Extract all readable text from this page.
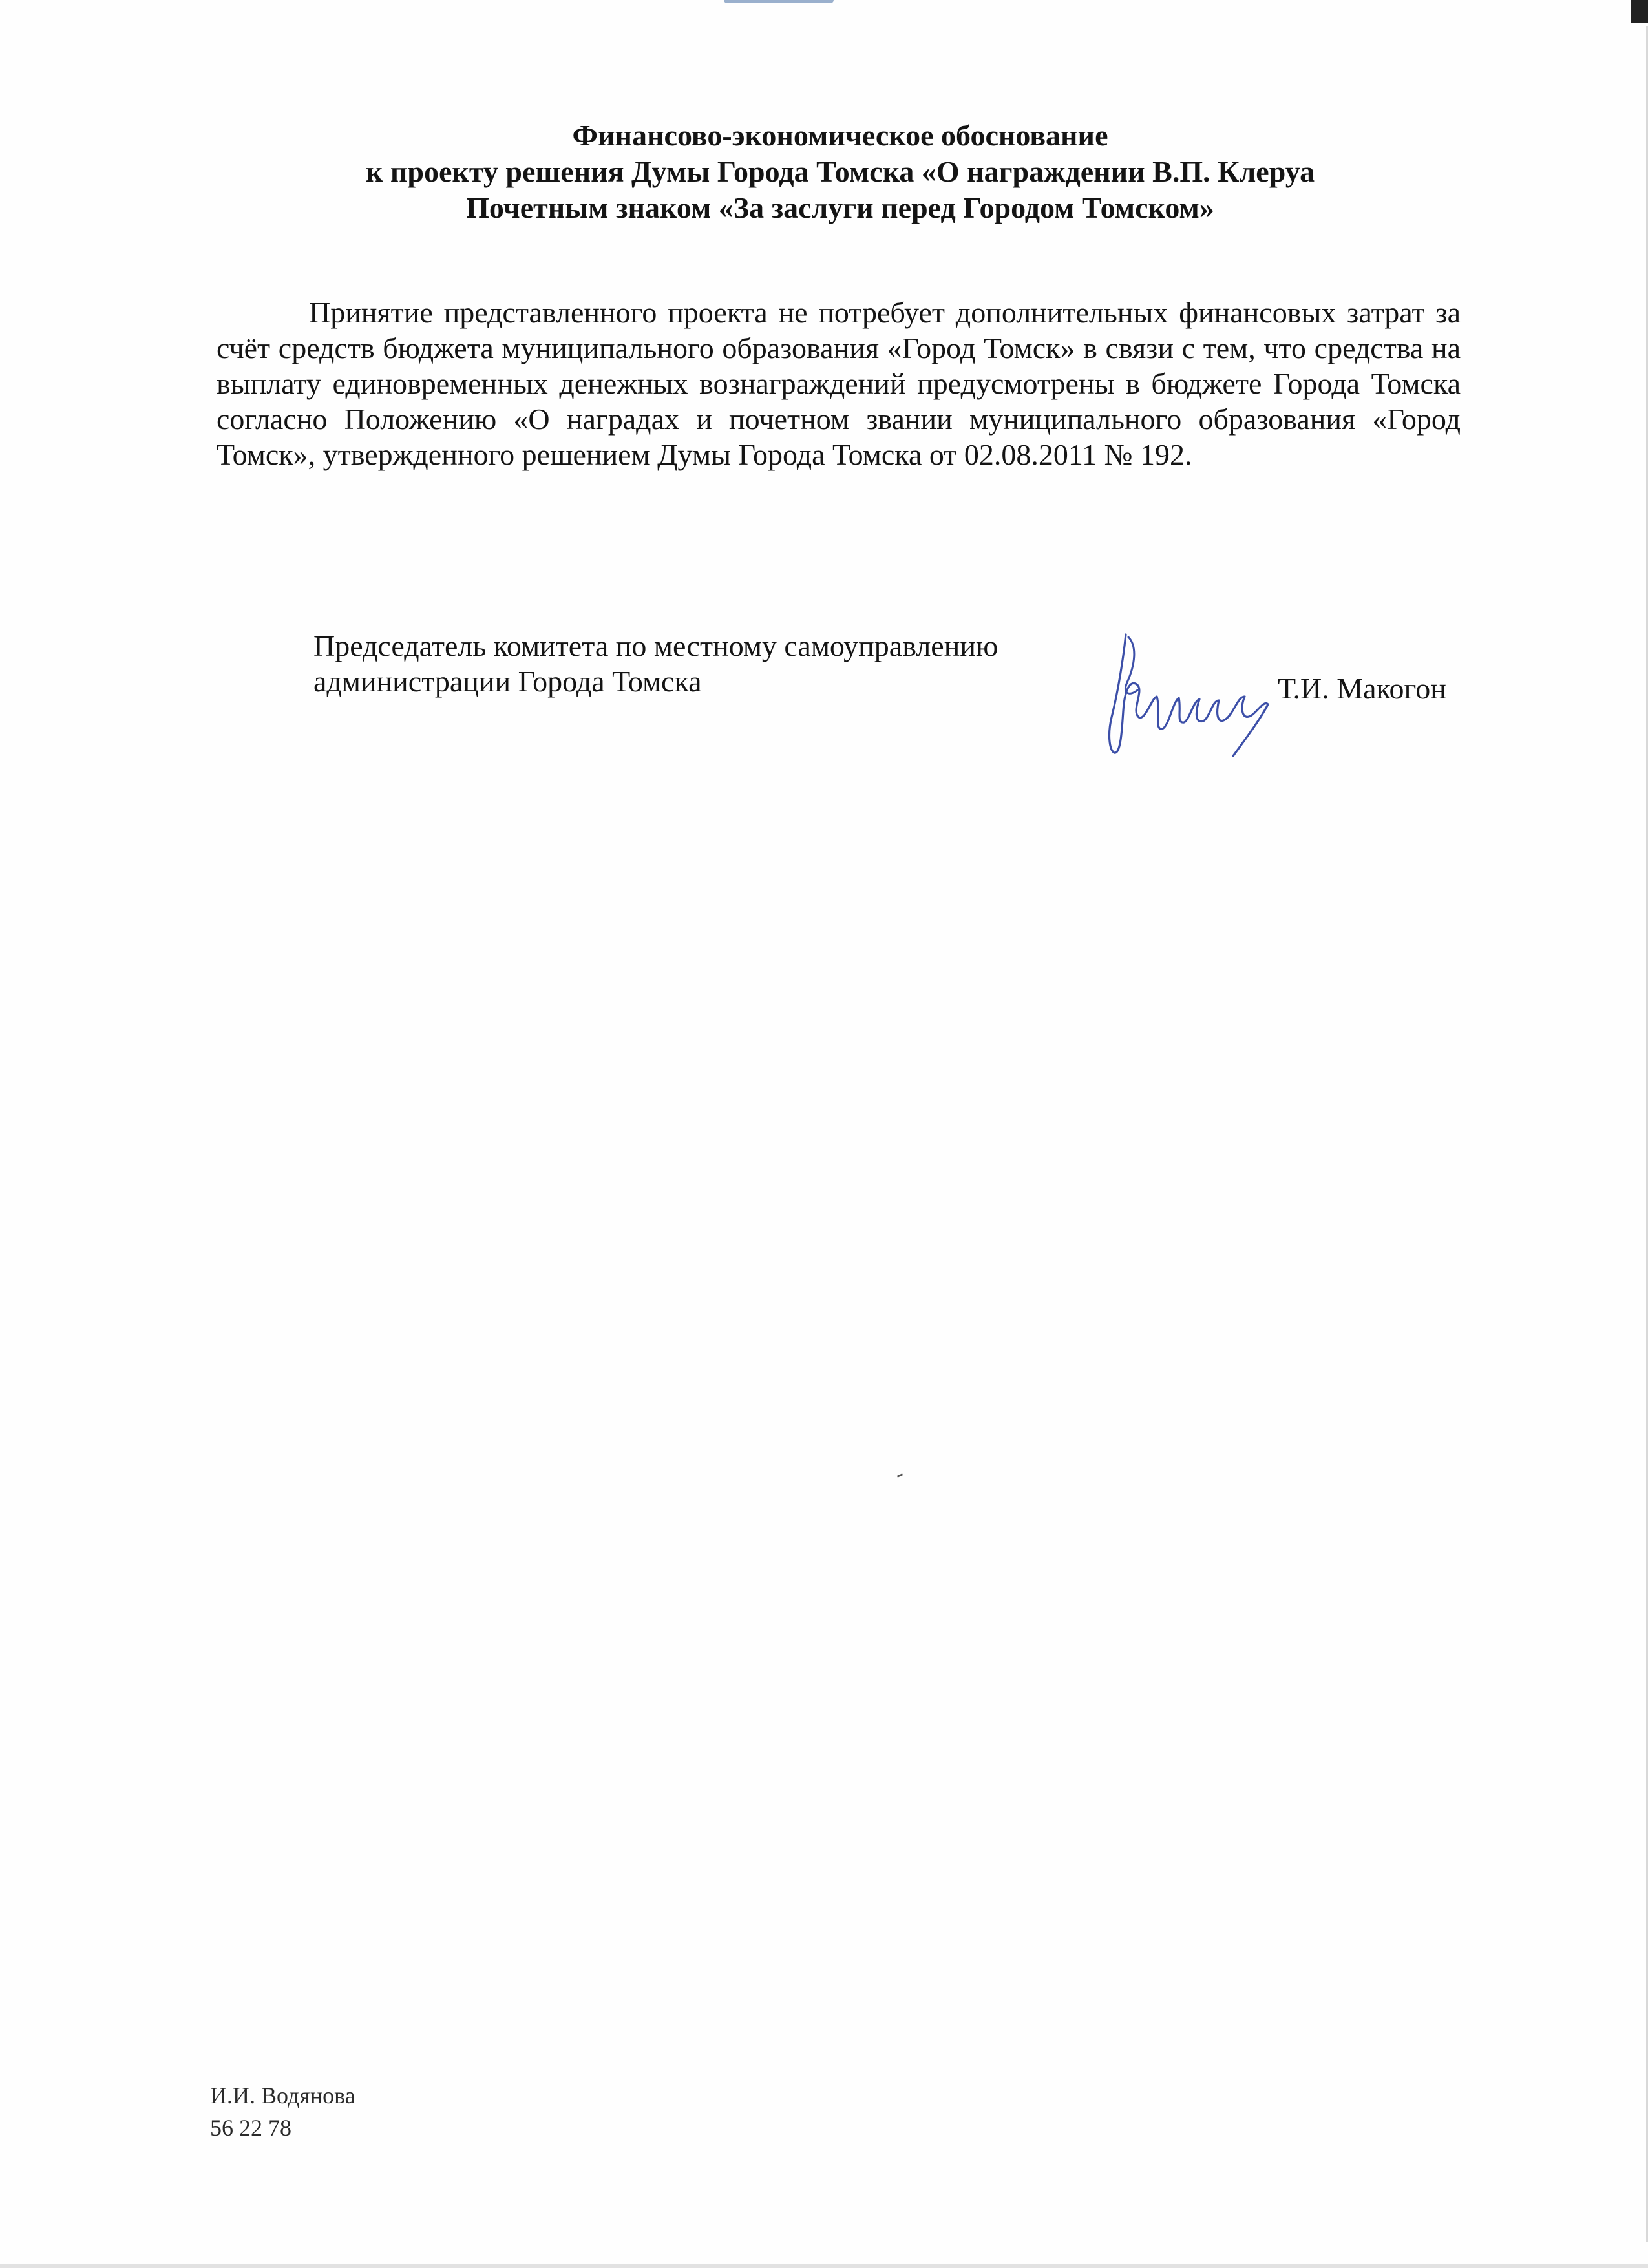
Финансово-экономическое обоснование
к проекту решения Думы Города Томска «О награждении В.П. Клеруа
Почетным знаком «За заслуги перед Городом Томском»

Принятие представленного проекта не потребует дополнительных финансовых затрат за счёт средств бюджета муниципального образования «Город Томск» в связи с тем, что средства на выплату единовременных денежных вознаграждений предусмотрены в бюджете Города Томска согласно Положению «О наградах и почетном звании муниципального образования «Город Томск», утвержденного решением Думы Города Томска от 02.08.2011 № 192.

Председатель комитета по местному самоуправлению
администрации Города Томска	Т.И. Макогон
И.И. Водянова
56 22 78
